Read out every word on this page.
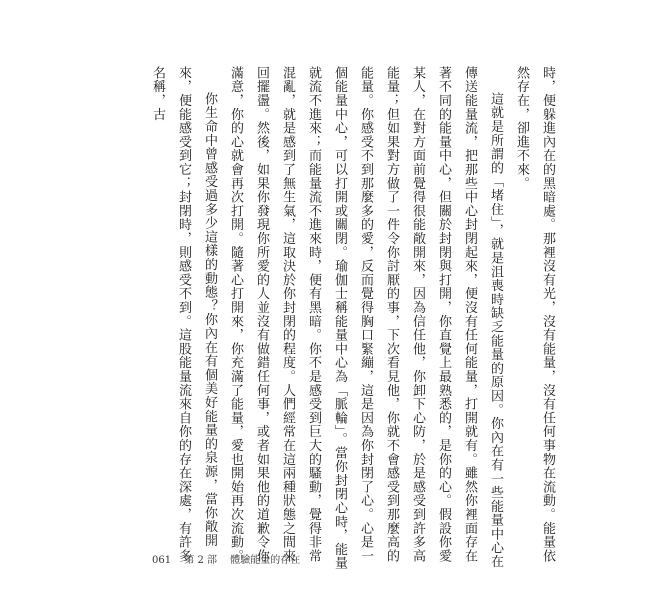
時，便躲進內在的黑暗處。那裡沒有光，沒有能量，沒有任何事物在流動。能量依然存在，卻進不來。

這就是所謂的「堵住」，就是沮喪時缺乏能量的原因。你內在有一些能量中心在傳送能量流，把那些中心封閉起來，便沒有任何能量，打開就有。雖然你裡面存在著不同的能量中心，但關於封閉與打開，你直覺上最熟悉的，是你的心。假設你愛某人，在對方面前覺得很能敞開來，因為信任他，你卸下心防，於是感受到許多高能量；但如果對方做了一件令你討厭的事，下次看見他，你就不會感受到那麼高的能量。你感受不到那麼多的愛，反而覺得胸口緊繃，這是因為你封閉了心。心是一個能量中心，可以打開或關閉。瑜伽士稱能量中心為「脈輪」。當你封閉心時，能量就流不進來；而能量流不進來時，便有黑暗。你不是感受到巨大的騷動，覺得非常混亂，就是感到了無生氣，這取決於你封閉的程度。人們經常在這兩種狀態之間來回擺盪。然後，如果你發現你所愛的人並沒有做錯任何事，或者如果他的道歉令你滿意，你的心就會再次打開。隨著心打開來，你充滿了能量，愛也開始再次流動。

你生命中曾感受過多少這樣的動態？你內在有個美好能量的泉源，當你敞開來，便能感受到它；封閉時，則感受不到。這股能量流來自你的存在深處，有許多名稱，古

061 第 2 部 體驗能量的存在
